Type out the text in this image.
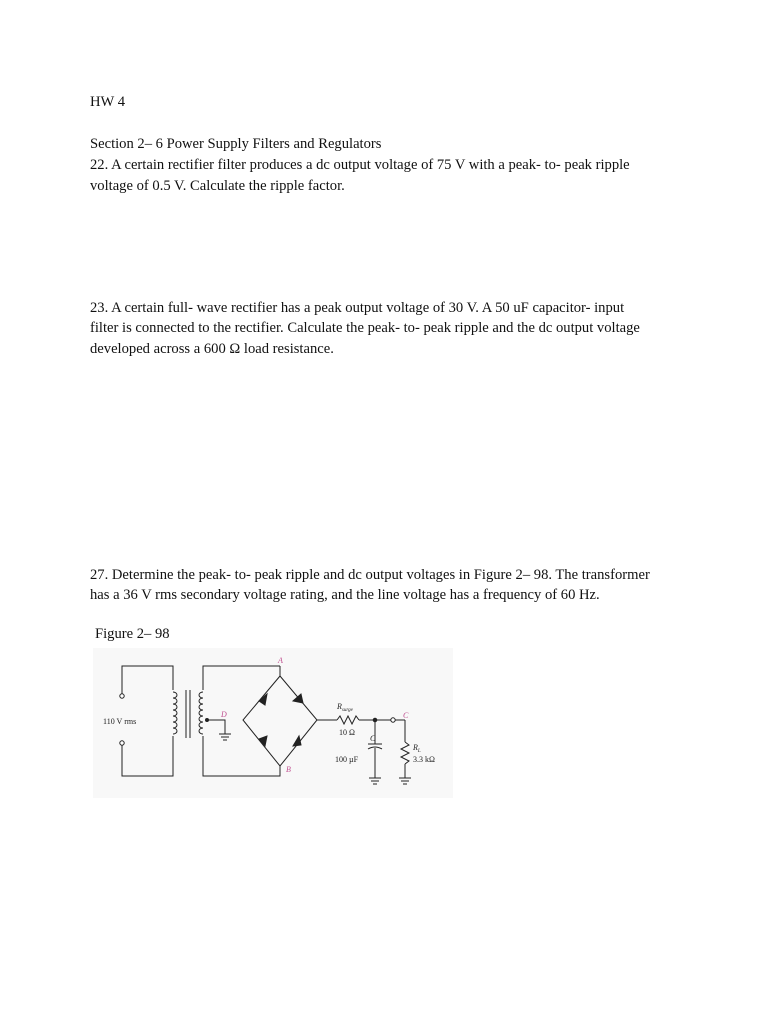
HW 4
Section 2– 6 Power Supply Filters and Regulators
22. A certain rectifier filter produces a dc output voltage of 75 V with a peak- to- peak ripple
voltage of 0.5 V. Calculate the ripple factor.
23. A certain full- wave rectifier has a peak output voltage of 30 V. A 50 uF capacitor- input
filter is connected to the rectifier. Calculate the peak- to- peak ripple and the dc output voltage
developed across a 600 Ω load resistance.
27. Determine the peak- to- peak ripple and dc output voltages in Figure 2– 98. The transformer
has a 36 V rms secondary voltage rating, and the line voltage has a frequency of 60 Hz.
Figure 2– 98
110 V rms
A
B
C
D
$R_{surge}$
10 Ω
C
100 µF
$R_L$
3.3 kΩ
